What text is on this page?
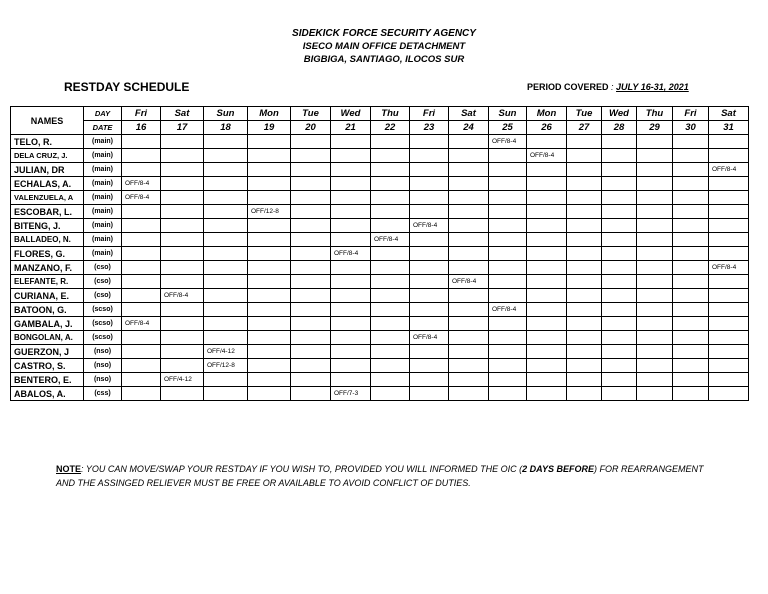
SIDEKICK FORCE SECURITY AGENCY
ISECO MAIN OFFICE DETACHMENT
BIGBIGA, SANTIAGO, ILOCOS SUR
RESTDAY SCHEDULE	PERIOD COVERED : JULY 16-31, 2021
NAMES	DAY	Fri	Sat	Sun	Mon	Tue	Wed	Thu	Fri	Sat	Sun	Mon	Tue	Wed	Thu	Fri	Sat
	DATE	16	17	18	19	20	21	22	23	24	25	26	27	28	29	30	31
TELO, R.	(main)										OFF/8-4						
DELA CRUZ, J.	(main)											OFF/8-4					
JULIAN, DR	(main)																OFF/8-4
ECHALAS, A.	(main)	OFF/8-4															
VALENZUELA, A	(main)	OFF/8-4															
ESCOBAR, L.	(main)				OFF/12-8												
BITENG, J.	(main)								OFF/8-4								
BALLADEO, N.	(main)							OFF/8-4									
FLORES, G.	(main)						OFF/8-4										
MANZANO, F.	(cso)																OFF/8-4
ELEFANTE, R.	(cso)									OFF/8-4							
CURIANA, E.	(cso)		OFF/8-4														
BATOON, G.	(scso)										OFF/8-4						
GAMBALA, J.	(scso)	OFF/8-4															
BONGOLAN, A.	(scso)								OFF/8-4								
GUERZON, J	(nso)			OFF/4-12													
CASTRO, S.	(nso)			OFF/12-8													
BENTERO, E.	(nso)		OFF/4-12														
ABALOS, A.	(css)						OFF/7-3										
NOTE: YOU CAN MOVE/SWAP YOUR RESTDAY IF YOU WISH TO, PROVIDED YOU WILL INFORMED THE OIC (2 DAYS BEFORE) FOR REARRANGEMENT
AND THE ASSINGED RELIEVER MUST BE FREE OR AVAILABLE TO AVOID CONFLICT OF DUTIES.
